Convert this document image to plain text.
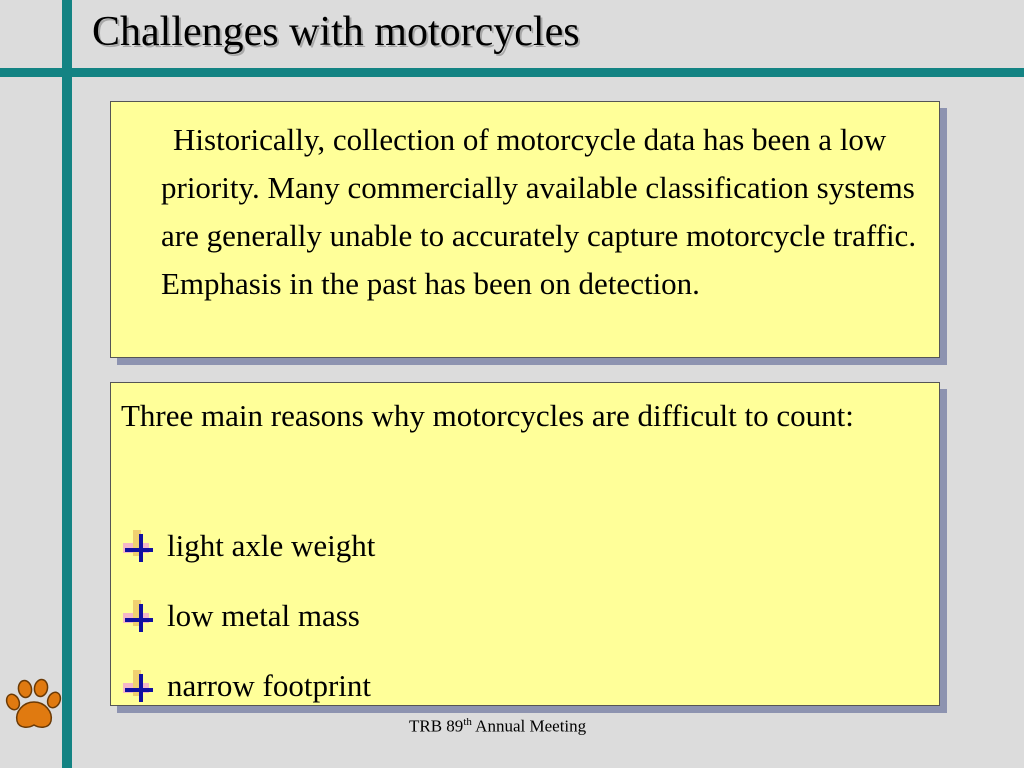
Challenges with motorcycles

Historically, collection of motorcycle data has been a low priority. Many commercially available classification systems are generally unable to accurately capture motorcycle traffic. Emphasis in the past has been on detection.

Three main reasons why motorcycles are difficult to count:

light axle weight
low metal mass
narrow footprint

TRB 89th Annual Meeting
